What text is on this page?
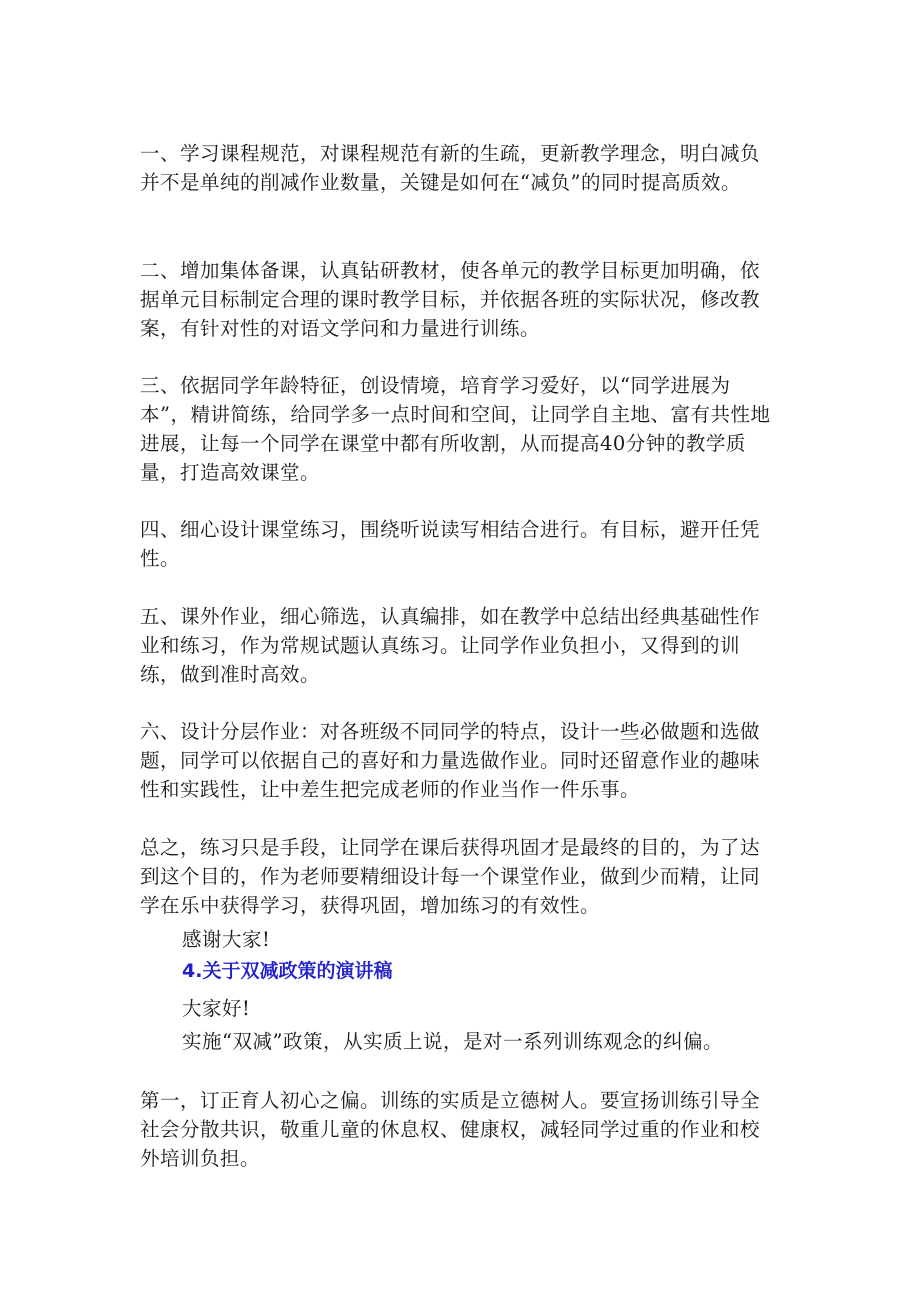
一、学习课程规范，对课程规范有新的生疏，更新教学理念，明白减负并不是单纯的削减作业数量，关键是如何在“减负”的同时提高质效。

二、增加集体备课，认真钻研教材，使各单元的教学目标更加明确，依据单元目标制定合理的课时教学目标，并依据各班的实际状况，修改教案，有针对性的对语文学问和力量进行训练。

三、依据同学年龄特征，创设情境，培育学习爱好，以“同学进展为本”，精讲简练，给同学多一点时间和空间，让同学自主地、富有共性地进展，让每一个同学在课堂中都有所收割，从而提高40分钟的教学质量，打造高效课堂。

四、细心设计课堂练习，围绕听说读写相结合进行。有目标，避开任凭性。

五、课外作业，细心筛选，认真编排，如在教学中总结出经典基础性作业和练习，作为常规试题认真练习。让同学作业负担小，又得到的训练，做到准时高效。

六、设计分层作业：对各班级不同同学的特点，设计一些必做题和选做题，同学可以依据自己的喜好和力量选做作业。同时还留意作业的趣味性和实践性，让中差生把完成老师的作业当作一件乐事。

总之，练习只是手段，让同学在课后获得巩固才是最终的目的，为了达到这个目的，作为老师要精细设计每一个课堂作业，做到少而精，让同学在乐中获得学习，获得巩固，增加练习的有效性。

感谢大家!

4.关于双减政策的演讲稿

大家好!

实施“双减”政策，从实质上说，是对一系列训练观念的纠偏。

第一，订正育人初心之偏。训练的实质是立德树人。要宣扬训练引导全社会分散共识，敬重儿童的休息权、健康权，减轻同学过重的作业和校外培训负担。
